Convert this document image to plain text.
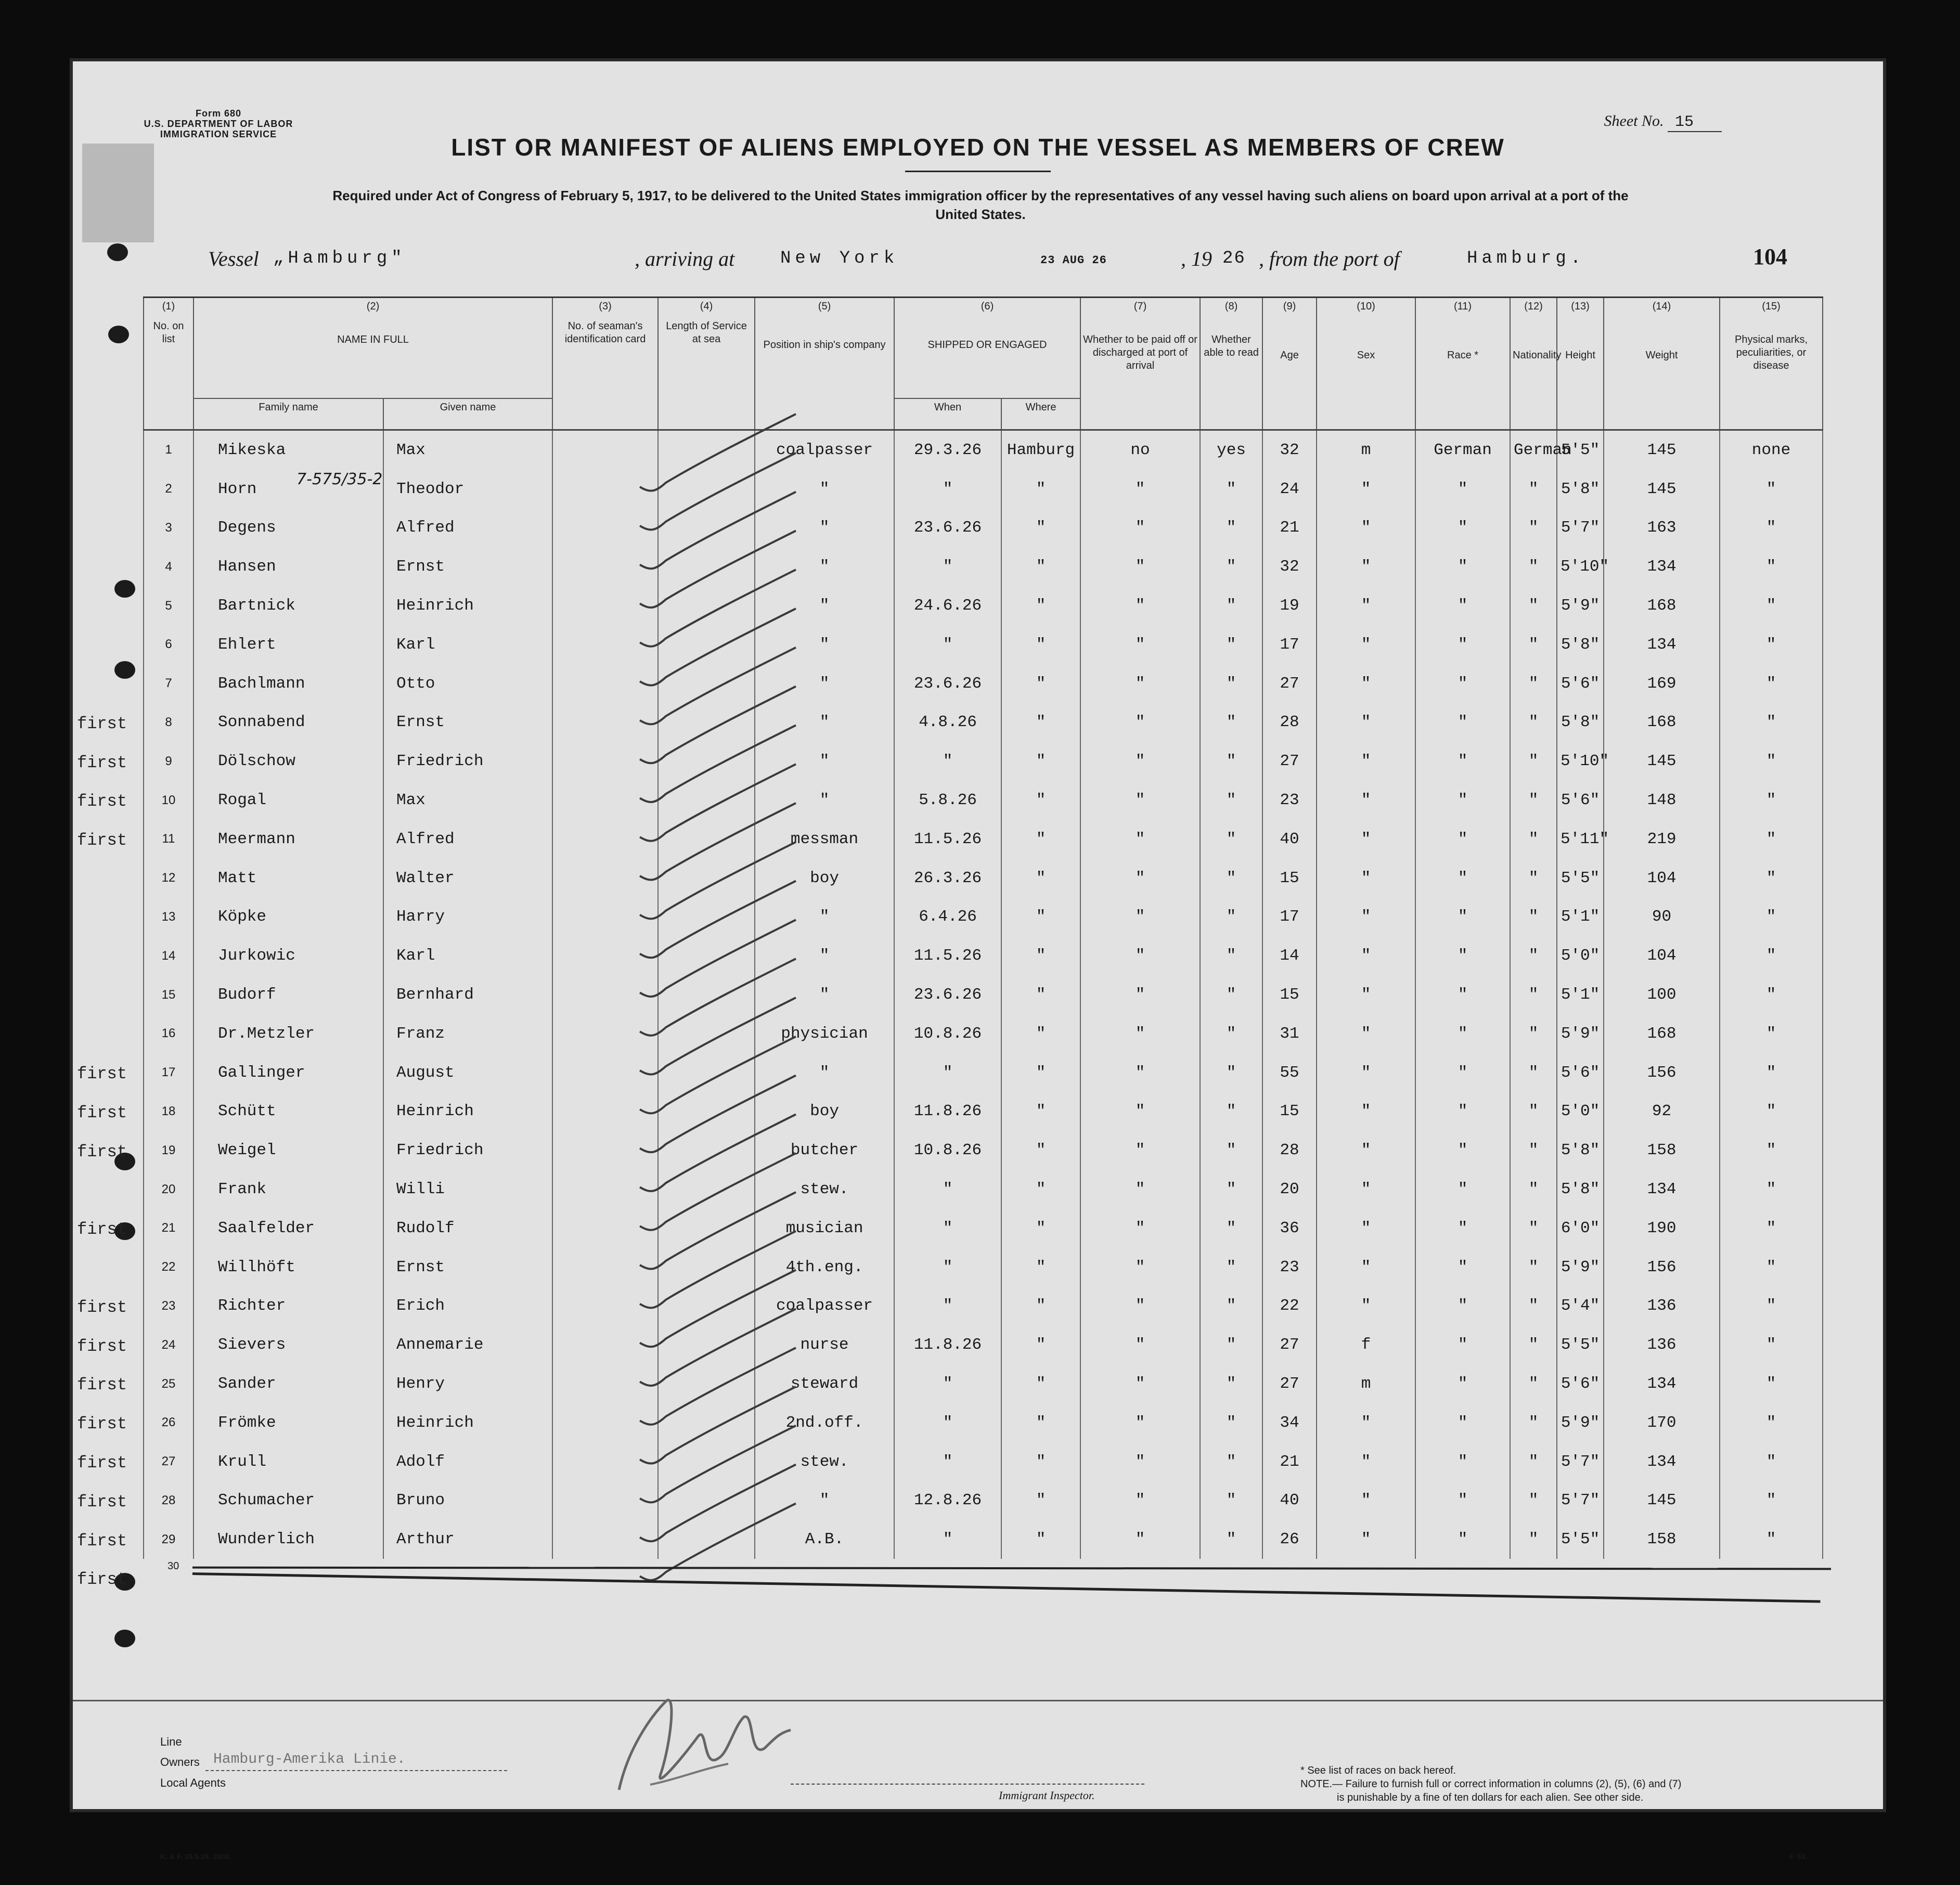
Form 680
U.S. DEPARTMENT OF LABOR
IMMIGRATION SERVICE
Sheet No. 15
LIST OR MANIFEST OF ALIENS EMPLOYED ON THE VESSEL AS MEMBERS OF CREW
Required under Act of Congress of February 5, 1917, to be delivered to the United States immigration officer by the representatives of any vessel having such aliens on board upon arrival at a port of the United States.
Vessel „Hamburg"	, arriving at	New York	23 AUG 26	, 19 26 , from the port of	Hamburg.	104
(1)	(2)		(3)	(4)	(5)	(6)		(7)	(8)	(9)	(10)	(11)	(12)	(13)	(14)	(15)
No. on list	NAME IN FULL		No. of seaman's identification card	Length of Service at sea	Position in ship's company	SHIPPED OR ENGAGED		Whether to be paid off or discharged at port of arrival	Whether able to read	Age	Sex	Race *	Nationality	Height	Weight	Physical marks, peculiarities, or disease
	Family name	Given name				When	Where									
1	Mikeska	Max			coalpasser	29.3.26	Hamburg	no	yes	32	m	German	German	5'5"	145	none
2	Horn	Theodor			"	"	"	"	"	24	"	"	"	5'8"	145	"
3	Degens	Alfred			"	23.6.26	"	"	"	21	"	"	"	5'7"	163	"
4	Hansen	Ernst			"	"	"	"	"	32	"	"	"	5'10"	134	"
5	Bartnick	Heinrich			"	24.6.26	"	"	"	19	"	"	"	5'9"	168	"
6	Ehlert	Karl			"	"	"	"	"	17	"	"	"	5'8"	134	"
7	Bachlmann	Otto			"	23.6.26	"	"	"	27	"	"	"	5'6"	169	"
8	Sonnabend	Ernst			"	4.8.26	"	"	"	28	"	"	"	5'8"	168	"
9	Dölschow	Friedrich			"	"	"	"	"	27	"	"	"	5'10"	145	"
10	Rogal	Max			"	5.8.26	"	"	"	23	"	"	"	5'6"	148	"
11	Meermann	Alfred			messman	11.5.26	"	"	"	40	"	"	"	5'11"	219	"
12	Matt	Walter			boy	26.3.26	"	"	"	15	"	"	"	5'5"	104	"
13	Köpke	Harry			"	6.4.26	"	"	"	17	"	"	"	5'1"	90	"
14	Jurkowic	Karl			"	11.5.26	"	"	"	14	"	"	"	5'0"	104	"
15	Budorf	Bernhard			"	23.6.26	"	"	"	15	"	"	"	5'1"	100	"
16	Dr.Metzler	Franz			physician	10.8.26	"	"	"	31	"	"	"	5'9"	168	"
17	Gallinger	August			"	"	"	"	"	55	"	"	"	5'6"	156	"
18	Schütt	Heinrich			boy	11.8.26	"	"	"	15	"	"	"	5'0"	92	"
19	Weigel	Friedrich			butcher	10.8.26	"	"	"	28	"	"	"	5'8"	158	"
20	Frank	Willi			stew.	"	"	"	"	20	"	"	"	5'8"	134	"
21	Saalfelder	Rudolf			musician	"	"	"	"	36	"	"	"	6'0"	190	"
22	Willhöft	Ernst			4th.eng.	"	"	"	"	23	"	"	"	5'9"	156	"
23	Richter	Erich			coalpasser	"	"	"	"	22	"	"	"	5'4"	136	"
24	Sievers	Annemarie			nurse	11.8.26	"	"	"	27	f	"	"	5'5"	136	"
25	Sander	Henry			steward	"	"	"	"	27	m	"	"	5'6"	134	"
26	Frömke	Heinrich			2nd.off.	"	"	"	"	34	"	"	"	5'9"	170	"
27	Krull	Adolf			stew.	"	"	"	"	21	"	"	"	5'7"	134	"
28	Schumacher	Bruno			"	12.8.26	"	"	"	40	"	"	"	5'7"	145	"
29	Wunderlich	Arthur			A.B.	"	"	"	"	26	"	"	"	5'5"	158	"
first
first
first
first
first
first
first
first
first
first
first
first
first
first
first
first
7-575/35-2
30
Line
Owners Hamburg-Amerika Linie.
Local Agents
Immigrant Inspector.
* See list of races on back hereof.
NOTE.— Failure to furnish full or correct information in columns (2), (5), (6) and (7)
is punishable by a fine of ten dollars for each alien. See other side.
K. & F. 25.5.26. 2000.	F. 53.
